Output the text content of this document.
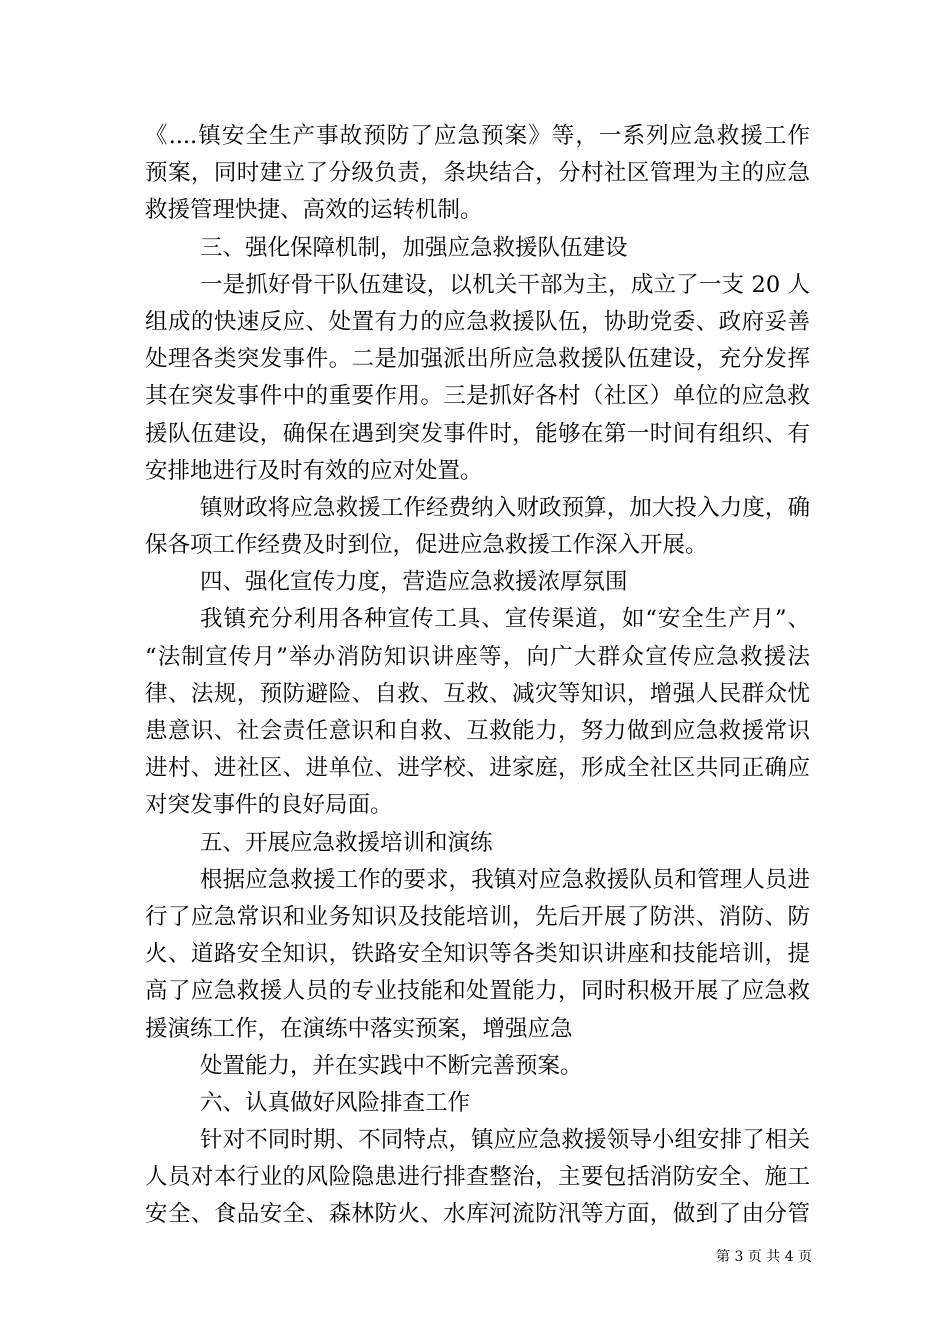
《....镇安全生产事故预防了应急预案》等，一系列应急救援工作
预案，同时建立了分级负责，条块结合，分村社区管理为主的应急
救援管理快捷、高效的运转机制。
三、强化保障机制，加强应急救援队伍建设
一是抓好骨干队伍建设，以机关干部为主，成立了一支 20 人
组成的快速反应、处置有力的应急救援队伍，协助党委、政府妥善
处理各类突发事件。二是加强派出所应急救援队伍建设，充分发挥
其在突发事件中的重要作用。三是抓好各村（社区）单位的应急救
援队伍建设，确保在遇到突发事件时，能够在第一时间有组织、有
安排地进行及时有效的应对处置。
镇财政将应急救援工作经费纳入财政预算，加大投入力度，确
保各项工作经费及时到位，促进应急救援工作深入开展。
四、强化宣传力度，营造应急救援浓厚氛围
我镇充分利用各种宣传工具、宣传渠道，如“安全生产月”、
“法制宣传月”举办消防知识讲座等，向广大群众宣传应急救援法
律、法规，预防避险、自救、互救、减灾等知识，增强人民群众忧
患意识、社会责任意识和自救、互救能力，努力做到应急救援常识
进村、进社区、进单位、进学校、进家庭，形成全社区共同正确应
对突发事件的良好局面。
五、开展应急救援培训和演练
根据应急救援工作的要求，我镇对应急救援队员和管理人员进
行了应急常识和业务知识及技能培训，先后开展了防洪、消防、防
火、道路安全知识，铁路安全知识等各类知识讲座和技能培训，提
高了应急救援人员的专业技能和处置能力，同时积极开展了应急救
援演练工作，在演练中落实预案，增强应急
处置能力，并在实践中不断完善预案。
六、认真做好风险排查工作
针对不同时期、不同特点，镇应应急救援领导小组安排了相关
人员对本行业的风险隐患进行排查整治，主要包括消防安全、施工
安全、食品安全、森林防火、水库河流防汛等方面，做到了由分管
第 3 页 共 4 页
